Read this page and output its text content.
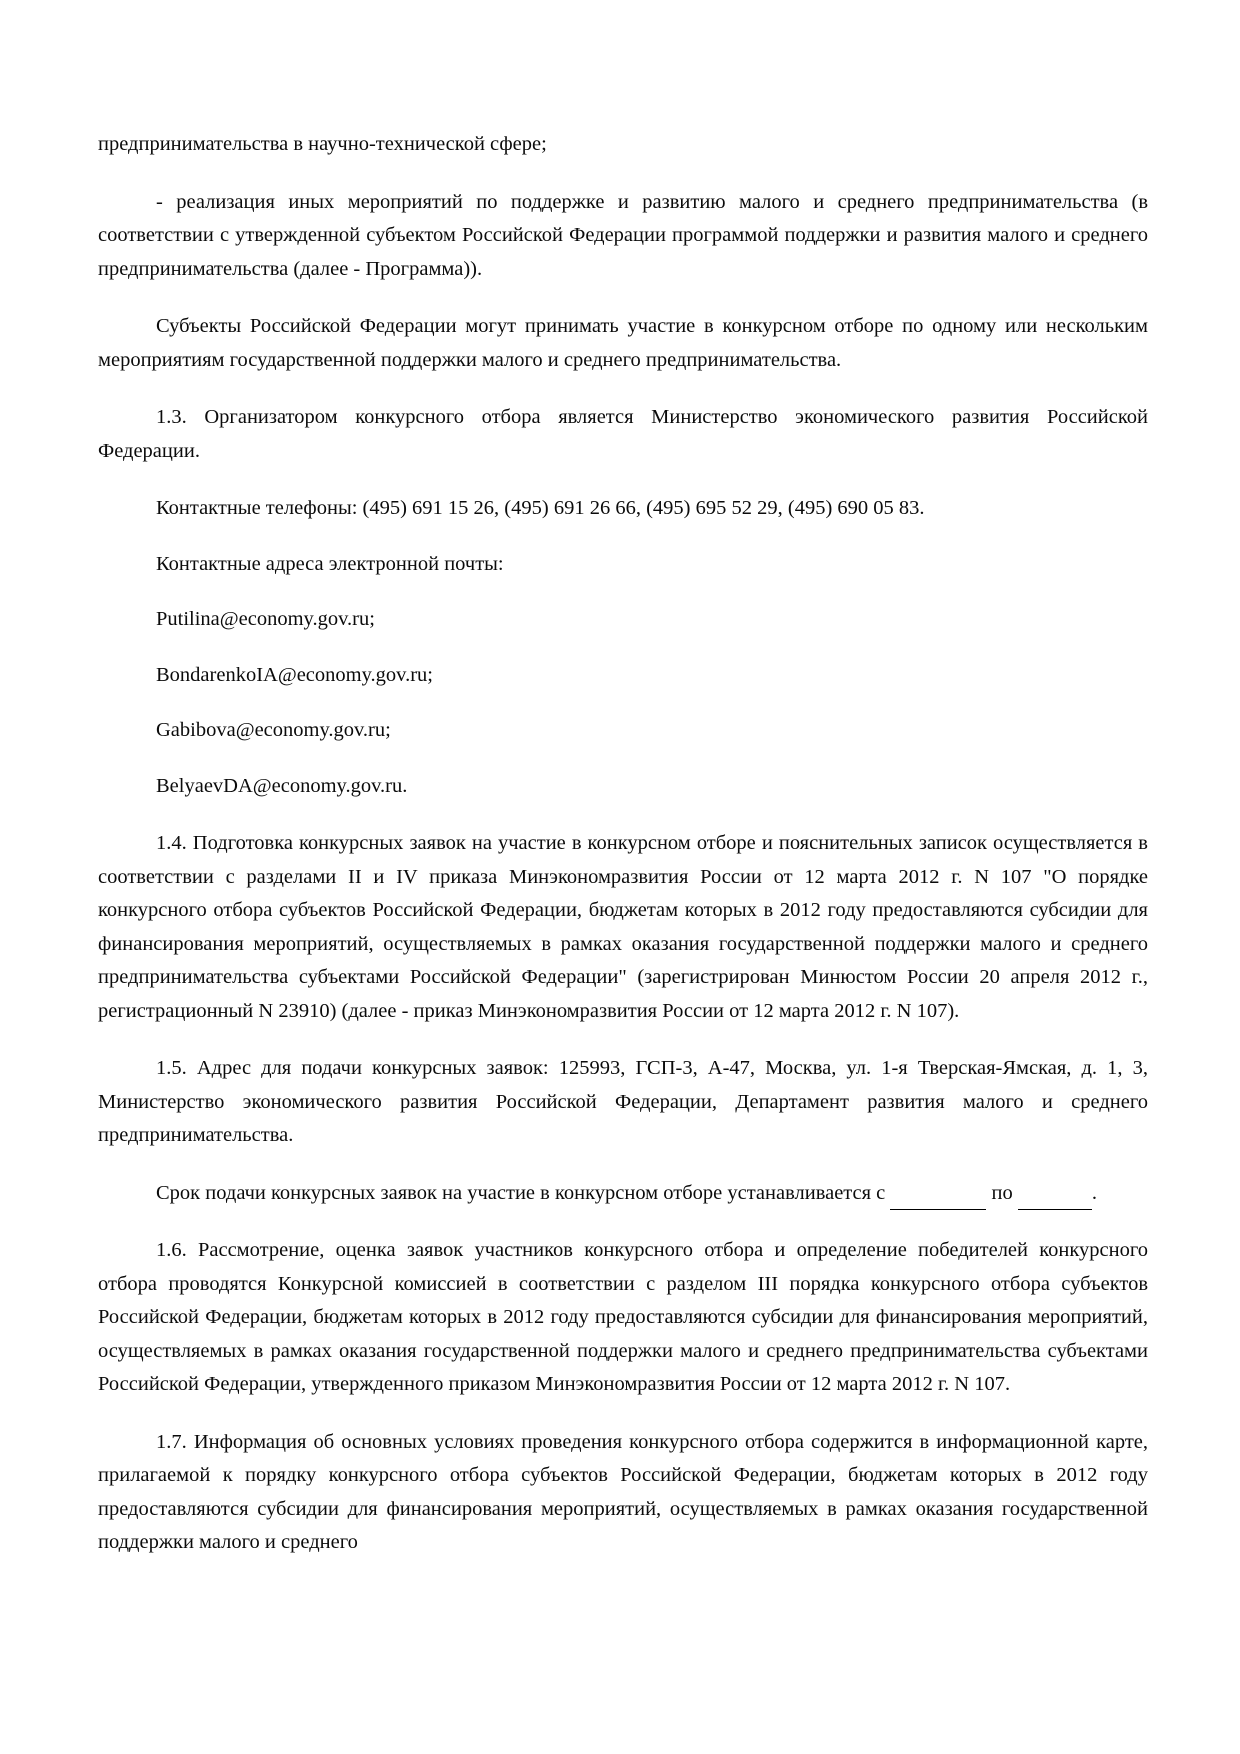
предпринимательства в научно-технической сфере;

- реализация иных мероприятий по поддержке и развитию малого и среднего предпринимательства (в соответствии с утвержденной субъектом Российской Федерации программой поддержки и развития малого и среднего предпринимательства (далее - Программа)).

Субъекты Российской Федерации могут принимать участие в конкурсном отборе по одному или нескольким мероприятиям государственной поддержки малого и среднего предпринимательства.

1.3. Организатором конкурсного отбора является Министерство экономического развития Российской Федерации.

Контактные телефоны: (495) 691 15 26, (495) 691 26 66, (495) 695 52 29, (495) 690 05 83.

Контактные адреса электронной почты:

Putilina@economy.gov.ru;

BondarenkoIA@economy.gov.ru;

Gabibova@economy.gov.ru;

BelyaevDA@economy.gov.ru.

1.4. Подготовка конкурсных заявок на участие в конкурсном отборе и пояснительных записок осуществляется в соответствии с разделами II и IV приказа Минэкономразвития России от 12 марта 2012 г. N 107 "О порядке конкурсного отбора субъектов Российской Федерации, бюджетам которых в 2012 году предоставляются субсидии для финансирования мероприятий, осуществляемых в рамках оказания государственной поддержки малого и среднего предпринимательства субъектами Российской Федерации" (зарегистрирован Минюстом России 20 апреля 2012 г., регистрационный N 23910) (далее - приказ Минэкономразвития России от 12 марта 2012 г. N 107).

1.5. Адрес для подачи конкурсных заявок: 125993, ГСП-3, А-47, Москва, ул. 1-я Тверская-Ямская, д. 1, 3, Министерство экономического развития Российской Федерации, Департамент развития малого и среднего предпринимательства.

Срок подачи конкурсных заявок на участие в конкурсном отборе устанавливается с	по	.

1.6. Рассмотрение, оценка заявок участников конкурсного отбора и определение победителей конкурсного отбора проводятся Конкурсной комиссией в соответствии с разделом III порядка конкурсного отбора субъектов Российской Федерации, бюджетам которых в 2012 году предоставляются субсидии для финансирования мероприятий, осуществляемых в рамках оказания государственной поддержки малого и среднего предпринимательства субъектами Российской Федерации, утвержденного приказом Минэкономразвития России от 12 марта 2012 г. N 107.

1.7. Информация об основных условиях проведения конкурсного отбора содержится в информационной карте, прилагаемой к порядку конкурсного отбора субъектов Российской Федерации, бюджетам которых в 2012 году предоставляются субсидии для финансирования мероприятий, осуществляемых в рамках оказания государственной поддержки малого и среднего
